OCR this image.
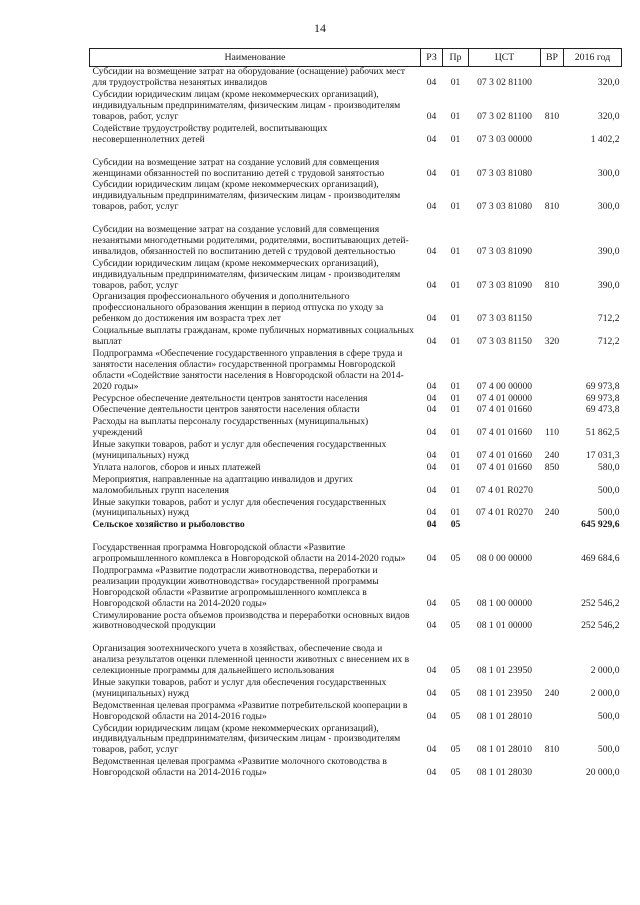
14
Наименование	РЗ	Пр	ЦСТ	ВР	2016 год
Субсидии на возмещение затрат на оборудование (оснащение) рабочих мест для трудоустройства незанятых инвалидов	04	01	07 3 02 81100		320,0
Субсидии юридическим лицам (кроме некоммерческих организаций), индивидуальным предпринимателям, физическим лицам - производителям товаров, работ, услуг	04	01	07 3 02 81100	810	320,0
Содействие трудоустройству родителей, воспитывающих несовершеннолетних детей	04	01	07 3 03 00000		1 402,2
Субсидии на возмещение затрат на создание условий для совмещения женщинами обязанностей по воспитанию детей с трудовой занятостью	04	01	07 3 03 81080		300,0
Субсидии юридическим лицам (кроме некоммерческих организаций), индивидуальным предпринимателям, физическим лицам - производителям товаров, работ, услуг	04	01	07 3 03 81080	810	300,0
Субсидии на возмещение затрат на создание условий для совмещения незанятыми многодетными родителями, родителями, воспитывающих детей-инвалидов, обязанностей по воспитанию детей с трудовой деятельностью	04	01	07 3 03 81090		390,0
Субсидии юридическим лицам (кроме некоммерческих организаций), индивидуальным предпринимателям, физическим лицам - производителям товаров, работ, услуг	04	01	07 3 03 81090	810	390,0
Организация профессионального обучения и дополнительного профессионального образования женщин в период отпуска по уходу за ребенком до достижения им возраста трех лет	04	01	07 3 03 81150		712,2
Социальные выплаты гражданам, кроме публичных нормативных социальных выплат	04	01	07 3 03 81150	320	712,2
Подпрограмма «Обеспечение государственного управления в сфере труда и занятости населения области» государственной программы Новгородской области «Содействие занятости населения в Новгородской области на 2014-2020 годы»	04	01	07 4 00 00000		69 973,8
Ресурсное обеспечение деятельности центров занятости населения	04	01	07 4 01 00000		69 973,8
Обеспечение деятельности центров занятости населения области	04	01	07 4 01 01660		69 473,8
Расходы на выплаты персоналу государственных (муниципальных) учреждений	04	01	07 4 01 01660	110	51 862,5
Иные закупки товаров, работ и услуг для обеспечения государственных (муниципальных) нужд	04	01	07 4 01 01660	240	17 031,3
Уплата налогов, сборов и иных платежей	04	01	07 4 01 01660	850	580,0
Мероприятия, направленные на адаптацию инвалидов и других маломобильных групп населения	04	01	07 4 01 R0270		500,0
Иные закупки товаров, работ и услуг для обеспечения государственных (муниципальных) нужд	04	01	07 4 01 R0270	240	500,0
Сельское хозяйство и рыболовство	04	05			645 929,6
Государственная программа Новгородской области «Развитие агропромышленного комплекса в Новгородской области на 2014-2020 годы»	04	05	08 0 00 00000		469 684,6
Подпрограмма «Развитие подотрасли животноводства, переработки и реализации продукции животноводства» государственной программы Новгородской области «Развитие агропромышленного комплекса в Новгородской области на 2014-2020 годы»	04	05	08 1 00 00000		252 546,2
Стимулирование роста объемов производства и переработки основных видов животноводческой продукции	04	05	08 1 01 00000		252 546,2
Организация зоотехнического учета в хозяйствах, обеспечение свода и анализа результатов оценки племенной ценности животных с внесением их в селекционные программы для дальнейшего использования	04	05	08 1 01 23950		2 000,0
Иные закупки товаров, работ и услуг для обеспечения государственных (муниципальных) нужд	04	05	08 1 01 23950	240	2 000,0
Ведомственная целевая программа «Развитие потребительской кооперации в Новгородской области на 2014-2016 годы»	04	05	08 1 01 28010		500,0
Субсидии юридическим лицам (кроме некоммерческих организаций), индивидуальным предпринимателям, физическим лицам - производителям товаров, работ, услуг	04	05	08 1 01 28010	810	500,0
Ведомственная целевая программа «Развитие молочного скотоводства в Новгородской области на 2014-2016 годы»	04	05	08 1 01 28030		20 000,0
